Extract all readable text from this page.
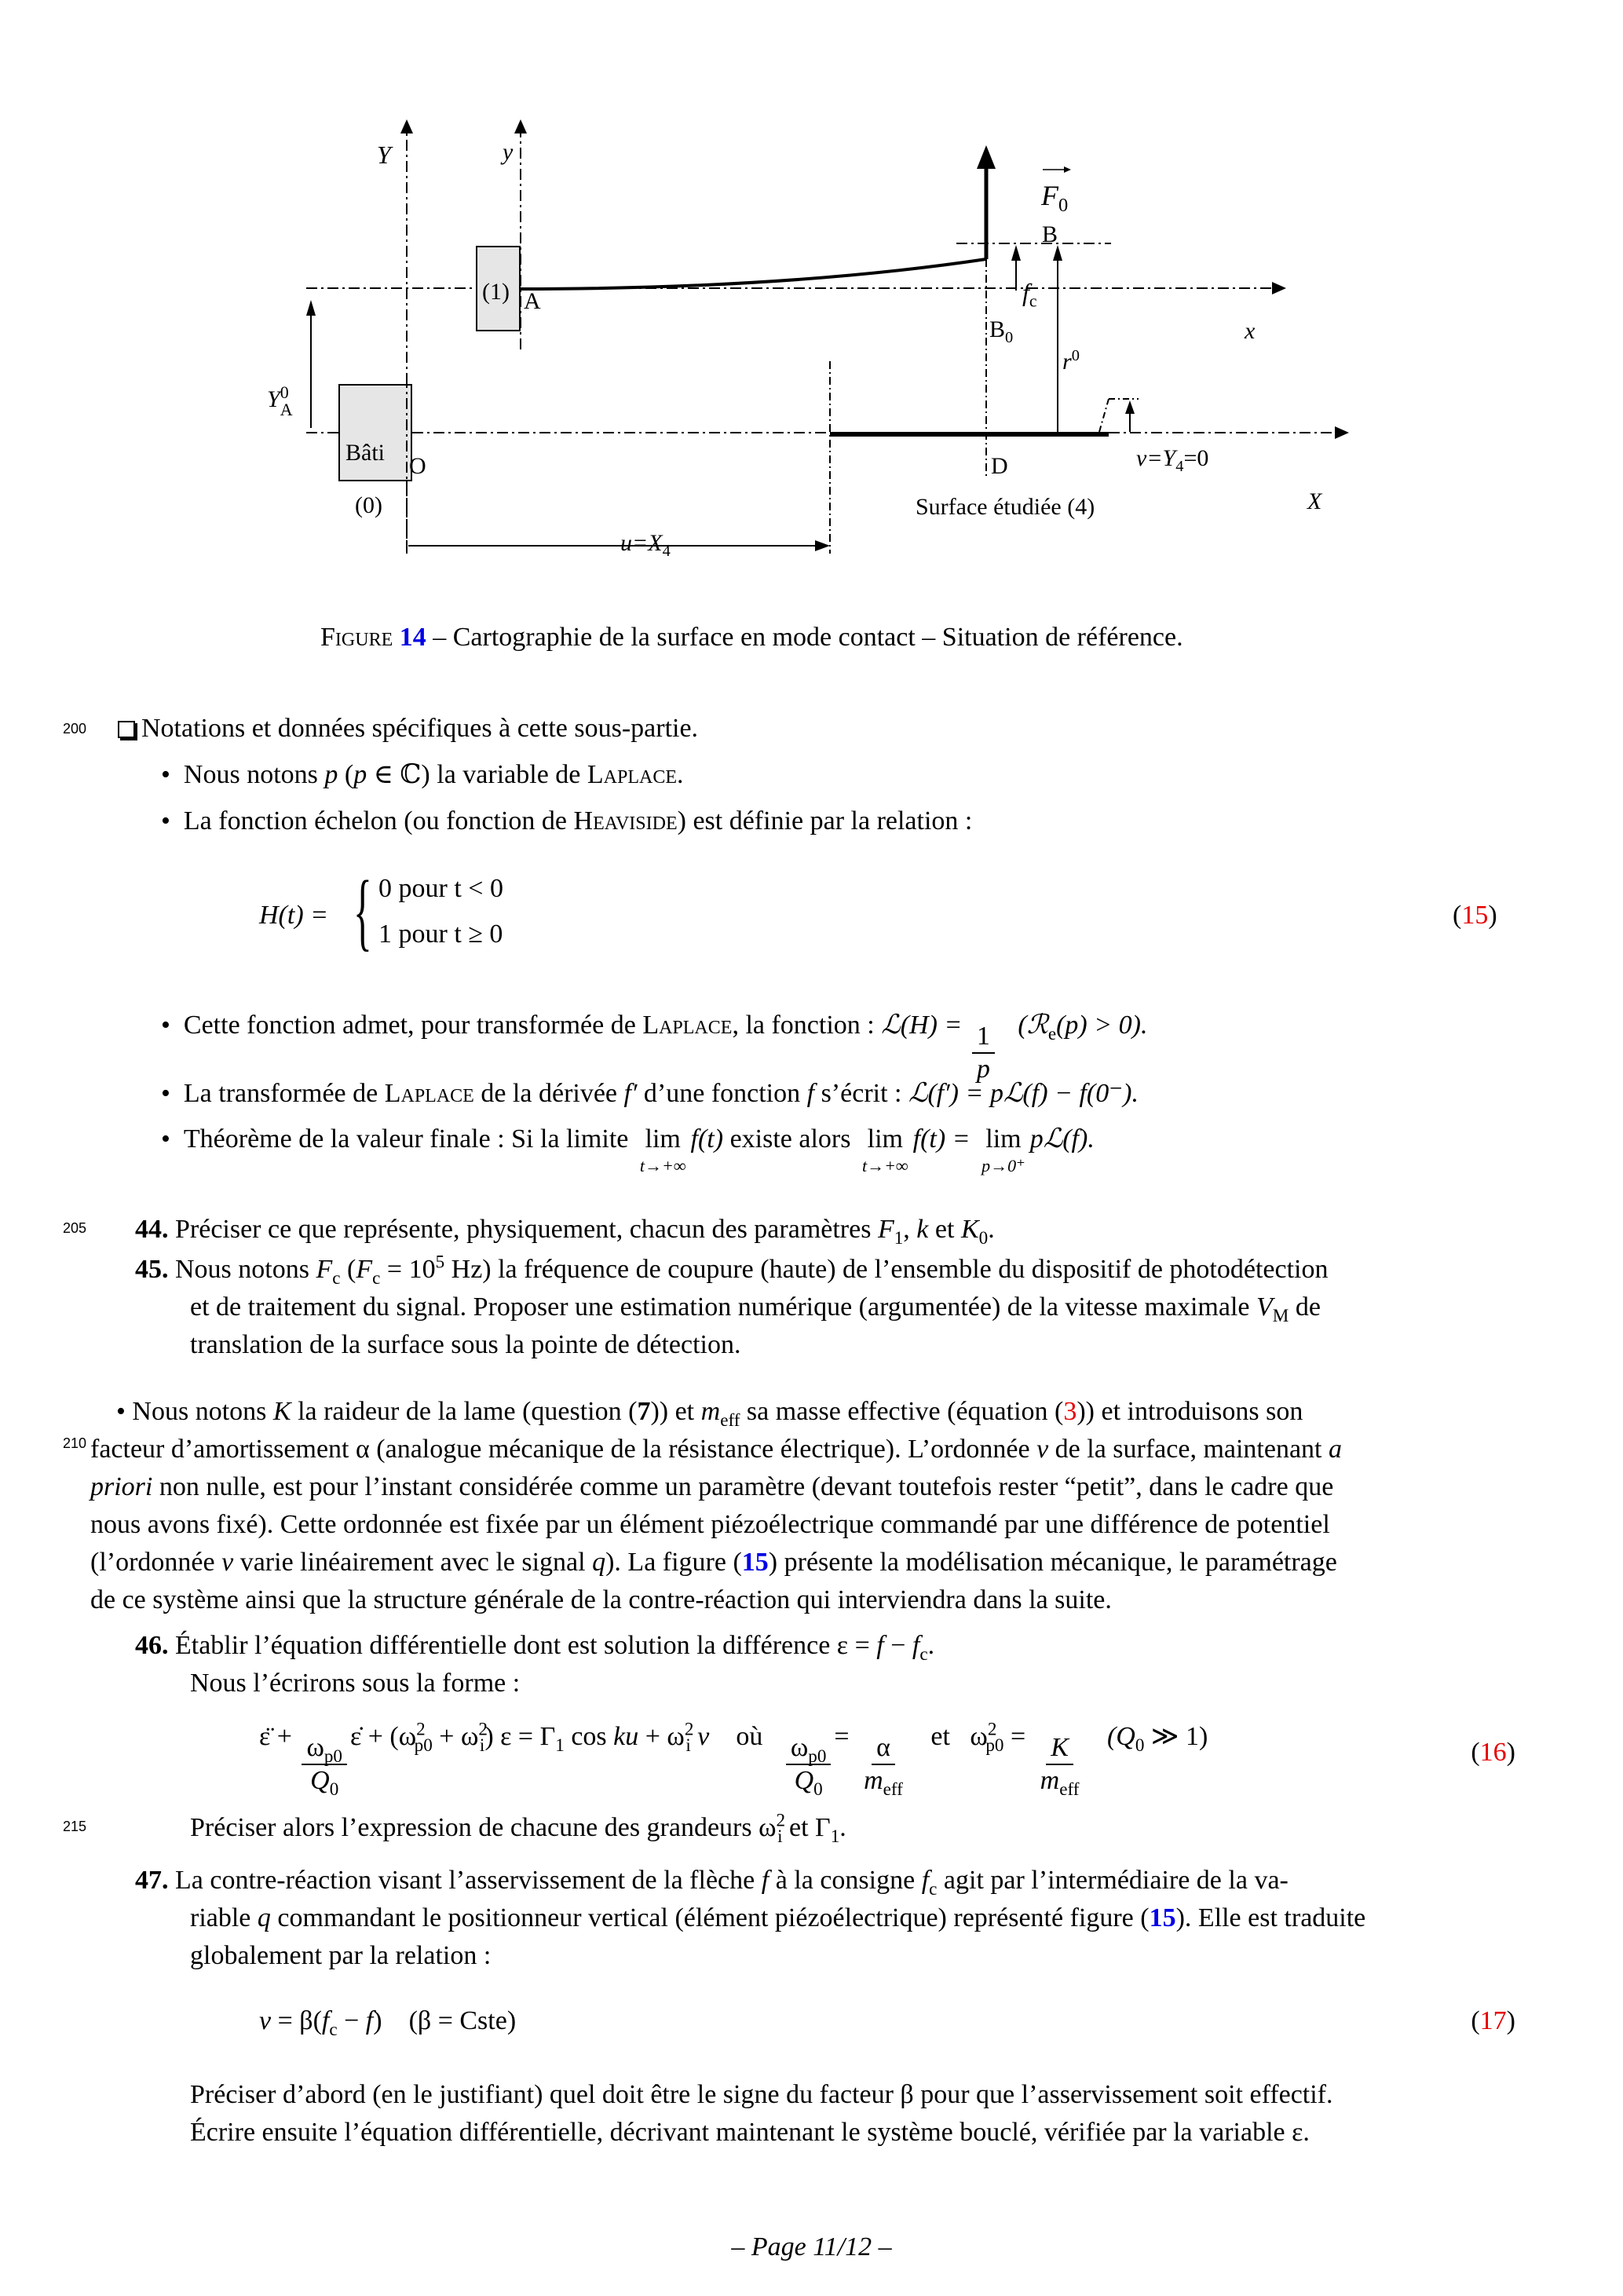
Y	y
$F_0$
B
$f_c$
(1) A
$B_0$	x
$r^0$
Y 0
A
Bâti
O
(0)
D	$v=Y_4=0$
Surface étudiée (4)	X
$u=X_4$
Figure 14 – Cartographie de la surface en mode contact – Situation de référence.
200
205
210
215
Notations et données spécifiques à cette sous-partie.
•  Nous notons p (p ∈ ℂ) la variable de Laplace.
•  La fonction échelon (ou fonction de Heaviside) est définie par la relation :
H(t) = { 0 pour t < 0
1 pour t ≥ 0
(15)
•  Cette fonction admet, pour transformée de Laplace, la fonction : ℒ(H) = $\frac{1}{p}$ (ℛ$_e$(p) > 0).
•  La transformée de Laplace de la dérivée f′ d’une fonction f s’écrit : ℒ(f′) = pℒ(f) − f(0⁻).
•  Théorème de la valeur finale : Si la limite lim
t→+∞
f(t) existe alors lim
t→+∞
f(t) = lim
p→0⁺
pℒ(f).
44. Préciser ce que représente, physiquement, chacun des paramètres $F_1$, k et $K_0$.
45. Nous notons $F_c$ ($F_c = 10^5$ Hz) la fréquence de coupure (haute) de l’ensemble du dispositif de photodétection
et de traitement du signal. Proposer une estimation numérique (argumentée) de la vitesse maximale $V_M$ de
translation de la surface sous la pointe de détection.
• Nous notons K la raideur de la lame (question (7)) et $m_{eff}$ sa masse effective (équation (3)) et introduisons son
facteur d’amortissement α (analogue mécanique de la résistance électrique). L’ordonnée v de la surface, maintenant a
priori non nulle, est pour l’instant considérée comme un paramètre (devant toutefois rester “petit”, dans le cadre que
nous avons fixé). Cette ordonnée est fixée par un élément piézoélectrique commandé par une différence de potentiel
(l’ordonnée v varie linéairement avec le signal q). La figure (15) présente la modélisation mécanique, le paramétrage
de ce système ainsi que la structure générale de la contre-réaction qui interviendra dans la suite.
46. Établir l’équation différentielle dont est solution la différence $\varepsilon = f - f_c$.
Nous l’écrirons sous la forme :
ε̈ + $\frac{\omega_{p0}}{Q_0}$ ε̇ + $(\omega^2_{p0} + \omega^2_i) \varepsilon = \Gamma_1$ cos ku + $\omega^2_i$ v où $\frac{\omega_{p0}}{Q_0} = \frac{\alpha}{m_{eff}}$ et $\omega^2_{p0} = \frac{K}{m_{eff}} (Q_0$ ≫ 1)
(16)
Préciser alors l’expression de chacune des grandeurs $\omega^2_i$ et $\Gamma_1$.
47. La contre-réaction visant l’asservissement de la flèche f à la consigne $f_c$ agit par l’intermédiaire de la va-
riable q commandant le positionneur vertical (élément piézoélectrique) représenté figure (15). Elle est traduite
globalement par la relation :
$v = \beta(f_c - f) (\beta$ = Cste)	(17)
Préciser d’abord (en le justifiant) quel doit être le signe du facteur β pour que l’asservissement soit effectif.
Écrire ensuite l’équation différentielle, décrivant maintenant le système bouclé, vérifiée par la variable ε.
– Page 11/12 –
